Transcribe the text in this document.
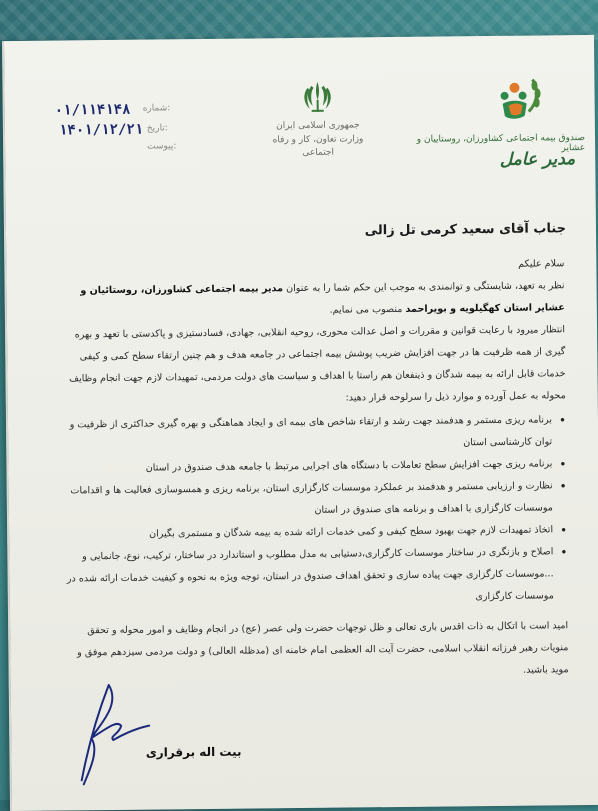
۰۱/۱۱۴۱۴۸ شماره:
۱۴۰۱/۱۲/۲۱ تاریخ:
پیوست:
جمهوری اسلامی ایران
وزارت تعاون، کار و رفاه اجتماعی
صندوق بیمه اجتماعی کشاورزان، روستاییان و عشایر
مدیر عامل
جناب آقای سعید کرمی تل زالی
سلام علیکم
نظر به تعهد، شایستگی و توانمندی به موجب این حکم شما را به عنوان مدیر بیمه اجتماعی کشاورزان، روستائیان و عشایر استان کهگیلویه و بویراحمد منصوب می نمایم.
انتظار میرود با رعایت قوانین و مقررات و اصل عدالت محوری، روحیه انقلابی، جهادی، فسادستیزی و پاکدستی با تعهد و بهره گیری از همه ظرفیت ها در جهت افزایش ضریب پوشش بیمه اجتماعی در جامعه هدف و هم چنین ارتقاء سطح کمی و کیفی خدمات قابل ارائه به بیمه شدگان و ذینفعان هم راستا با اهداف و سیاست های دولت مردمی، تمهیدات لازم جهت انجام وظایف محوله به عمل آورده و موارد ذیل را سرلوحه قرار دهید:
• برنامه ریزی مستمر و هدفمند جهت رشد و ارتقاء شاخص های بیمه ای و ایجاد هماهنگی و بهره گیری حداکثری از ظرفیت و توان کارشناسی استان
• برنامه ریزی جهت افزایش سطح تعاملات با دستگاه های اجرایی مرتبط با جامعه هدف صندوق در استان
• نظارت و ارزیابی مستمر و هدفمند بر عملکرد موسسات کارگزاری استان، برنامه ریزی و همسوسازی فعالیت ها و اقدامات موسسات کارگزاری با اهداف و برنامه های صندوق در استان
• اتخاذ تمهیدات لازم جهت بهبود سطح کیفی و کمی خدمات ارائه شده به بیمه شدگان و مستمری بگیران
• اصلاح و بازنگری در ساختار موسسات کارگزاری،دستیابی به مدل مطلوب و استاندارد در ساختار، ترکیب، نوع، جانمایی و ...موسسات کارگزاری جهت پیاده سازی و تحقق اهداف صندوق در استان، توجه ویژه به نحوه و کیفیت خدمات ارائه شده در موسسات کارگزاری
امید است با اتکال به ذات اقدس باری تعالی و ظل توجهات حضرت ولی عصر (عج) در انجام وظایف و امور محوله و تحقق منویات رهبر فرزانه انقلاب اسلامی، حضرت آیت اله العظمی امام خامنه ای (مدظله العالی) و دولت مردمی سیزدهم موفق و موید باشید.
بیت اله برقراری
